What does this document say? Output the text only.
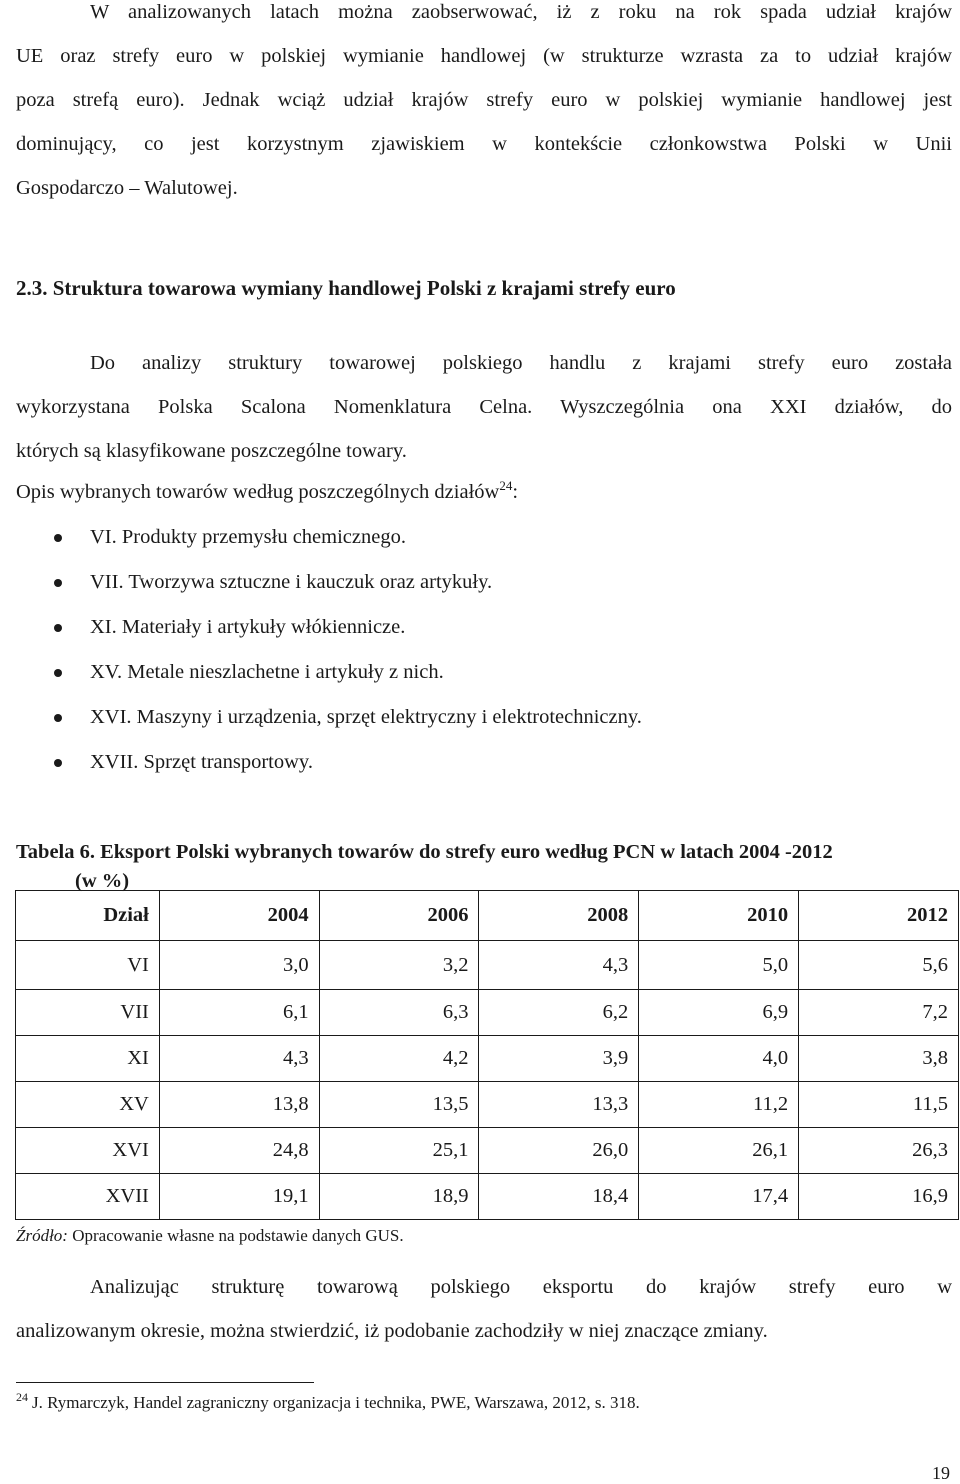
W analizowanych latach można zaobserwować, iż z roku na rok spada udział krajów
UE oraz strefy euro w polskiej wymianie handlowej (w strukturze wzrasta za to udział krajów
poza strefą euro). Jednak wciąż udział krajów strefy euro w polskiej wymianie handlowej jest
dominujący, co jest korzystnym zjawiskiem w kontekście członkowstwa Polski w Unii
Gospodarczo – Walutowej.
2.3. Struktura towarowa wymiany handlowej Polski z krajami strefy euro
Do analizy struktury towarowej polskiego handlu z krajami strefy euro została
wykorzystana Polska Scalona Nomenklatura Celna. Wyszczególnia ona XXI działów, do
których są klasyfikowane poszczególne towary.

Opis wybranych towarów według poszczególnych działów$^{24}$:

VI. Produkty przemysłu chemicznego.
VII. Tworzywa sztuczne i kauczuk oraz artykuły.
XI. Materiały i artykuły włókiennicze.
XV. Metale nieszlachetne i artykuły z nich.
XVI. Maszyny i urządzenia, sprzęt elektryczny i elektrotechniczny.
XVII. Sprzęt transportowy.

Tabela 6. Eksport Polski wybranych towarów do strefy euro według PCN w latach 2004 -2012
(w %)

Dział	2004	2006	2008	2010	2012
VI	3,0	3,2	4,3	5,0	5,6
VII	6,1	6,3	6,2	6,9	7,2
XI	4,3	4,2	3,9	4,0	3,8
XV	13,8	13,5	13,3	11,2	11,5
XVI	24,8	25,1	26,0	26,1	26,3
XVII	19,1	18,9	18,4	17,4	16,9

Źródło: Opracowanie własne na podstawie danych GUS.

Analizując strukturę towarową polskiego eksportu do krajów strefy euro w
analizowanym okresie, można stwierdzić, iż podobanie zachodziły w niej znaczące zmiany.

$^{24}$ J. Rymarczyk, Handel zagraniczny organizacja i technika, PWE, Warszawa, 2012, s. 318.

19
